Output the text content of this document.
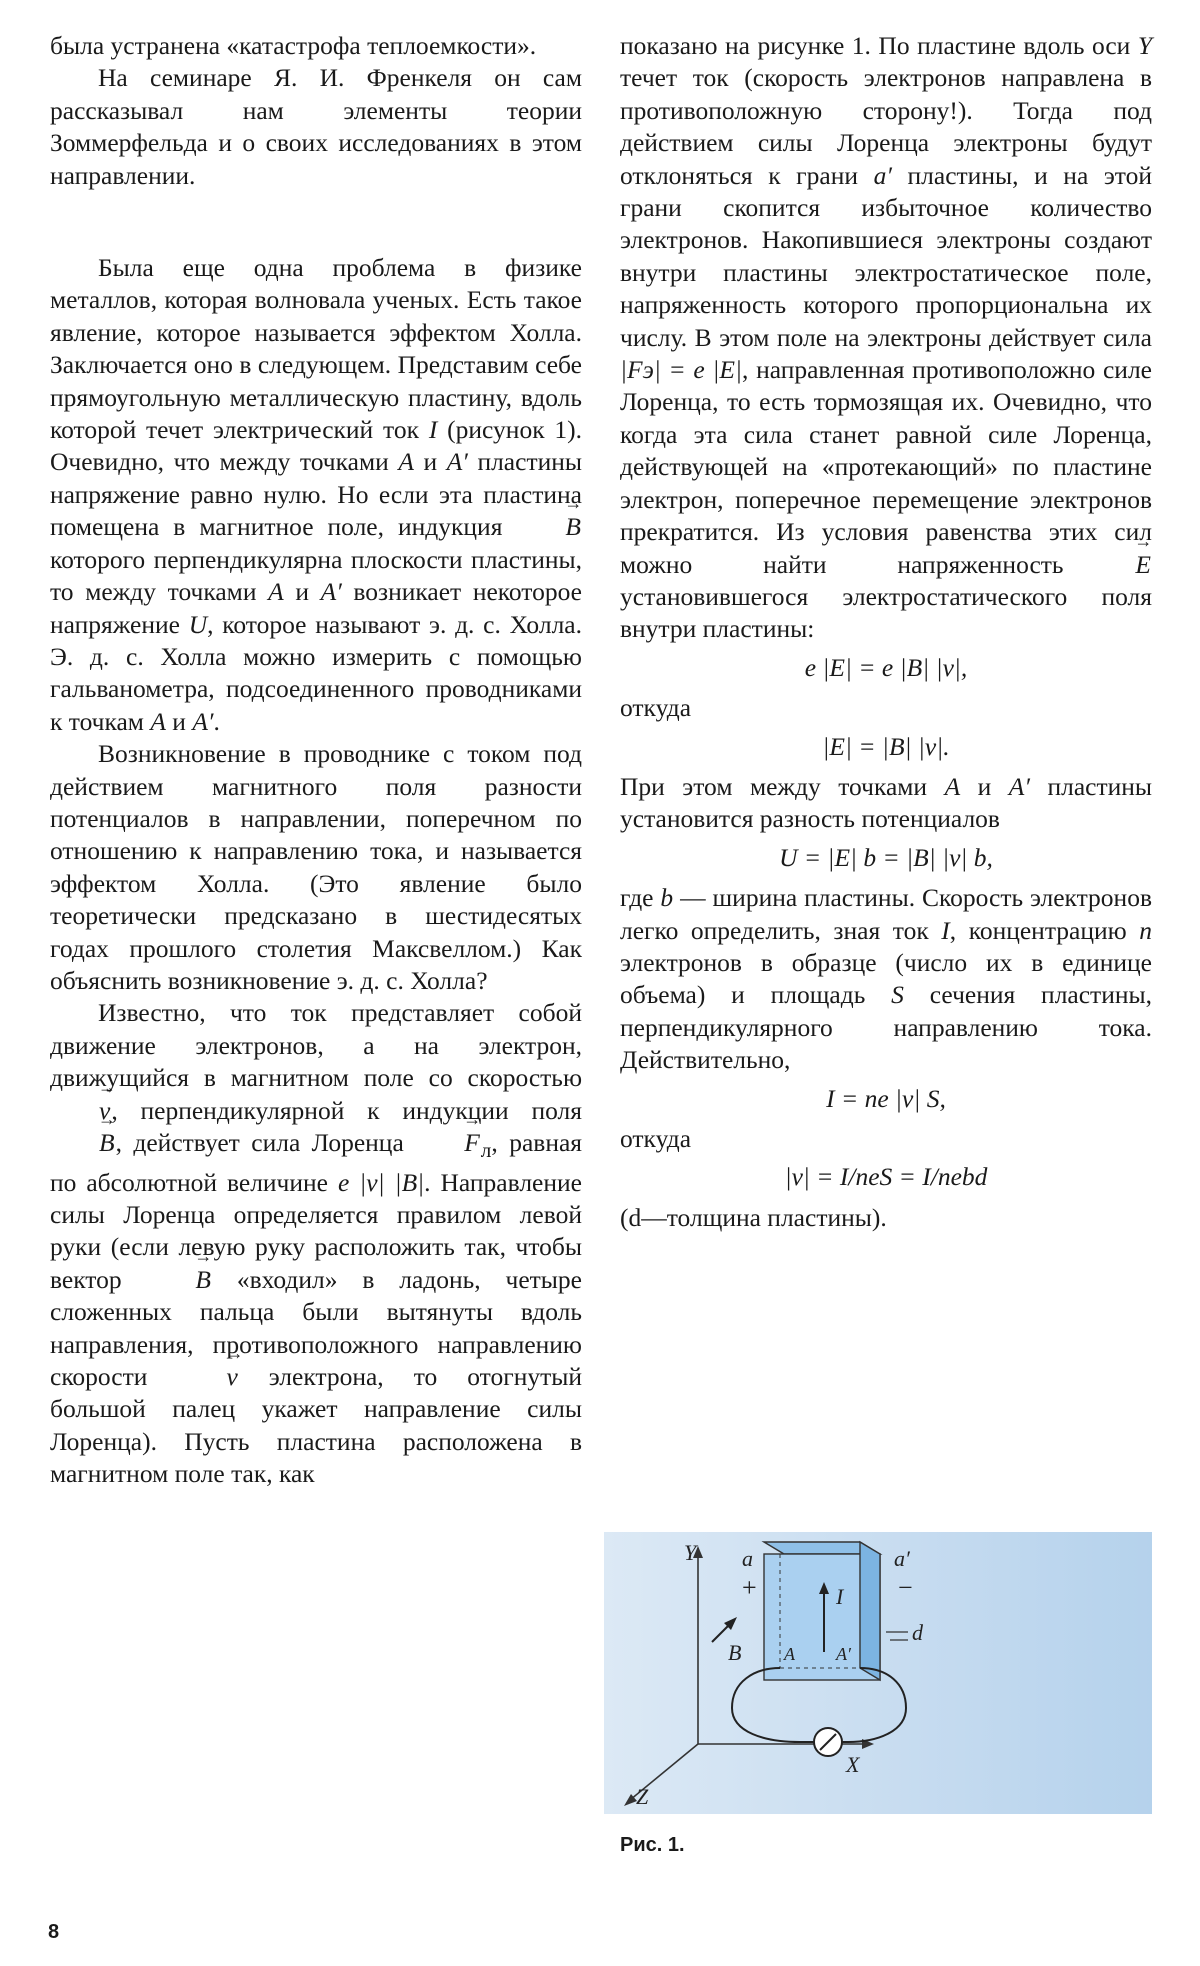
была устранена «катастрофа теплоемкости».

На семинаре Я. И. Френкеля он сам рассказывал нам элементы теории Зоммерфельда и о своих исследованиях в этом направлении.

Была еще одна проблема в физике металлов, которая волновала ученых. Есть такое явление, которое называется эффектом Холла. Заключается оно в следующем. Представим себе прямоугольную металлическую пластину, вдоль которой течет электрический ток I (рисунок 1). Очевидно, что между точками A и A′ пластины напряжение равно нулю. Но если эта пластина помещена в магнитное поле, индукция → B которого перпендикулярна плоскости пластины, то между точками A и A′ возникает некоторое напряжение U, которое называют э. д. с. Холла. Э. д. с. Холла можно измерить с помощью гальванометра, подсоединенного проводниками к точкам A и A′.

Возникновение в проводнике с током под действием магнитного поля разности потенциалов в направлении, поперечном по отношению к направлению тока, и называется эффектом Холла. (Это явление было теоретически предсказано в шестидесятых годах прошлого столетия Максвеллом.) Как объяснить возникновение э. д. с. Холла?

Известно, что ток представляет собой движение электронов, а на электрон, движущийся в магнитном поле со скоростью → v, перпендикулярной к индукции поля → B, действует сила Лоренца → $F_л$, равная по абсолютной величине e |v| |B|. Направление силы Лоренца определяется правилом левой руки (если левую руку расположить так, чтобы вектор	→ B «входил» в ладонь, четыре сложенных пальца были вытянуты вдоль направления, противоположного направлению скорости	→ v электрона, то отогнутый большой палец укажет направление силы Лоренца). Пусть пластина расположена в магнитном поле так, как

показано на рисунке 1. По пластине вдоль оси Y течет ток (скорость электронов направлена в противоположную сторону!). Тогда под действием силы Лоренца электроны будут отклоняться к грани a′ пластины, и на этой грани скопится избыточное количество электронов. Накопившиеся электроны создают внутри пластины электростатическое поле, напряженность которого пропорциональна их числу. В этом поле на электроны действует сила |Fэ| = e |E|, направленная противоположно силе Лоренца, то есть тормозящая их. Очевидно, что когда эта сила станет равной силе Лоренца, действующей на «протекающий» по пластине электрон, поперечное перемещение электронов прекратится. Из условия равенства этих сил можно найти напряженность	→ E установившегося электростатического поля внутри пластины:

e |E| = e |B| |v|,

откуда

|E| = |B| |v|.

При этом между точками A и A′ пластины установится разность потенциалов

U = |E| b = |B| |v| b,

где b — ширина пластины. Скорость электронов легко определить, зная ток I, концентрацию n электронов в образце (число их в единице объема) и площадь S сечения пластины, перпендикулярного направлению тока. Действительно,

I = ne |v| S,

откуда

|v| = I/neS = I/nebd

(d—толщина пластины).

Y
X
Z
I
a
+
a′
−
B
d
A A′
Рис. 1.
8
